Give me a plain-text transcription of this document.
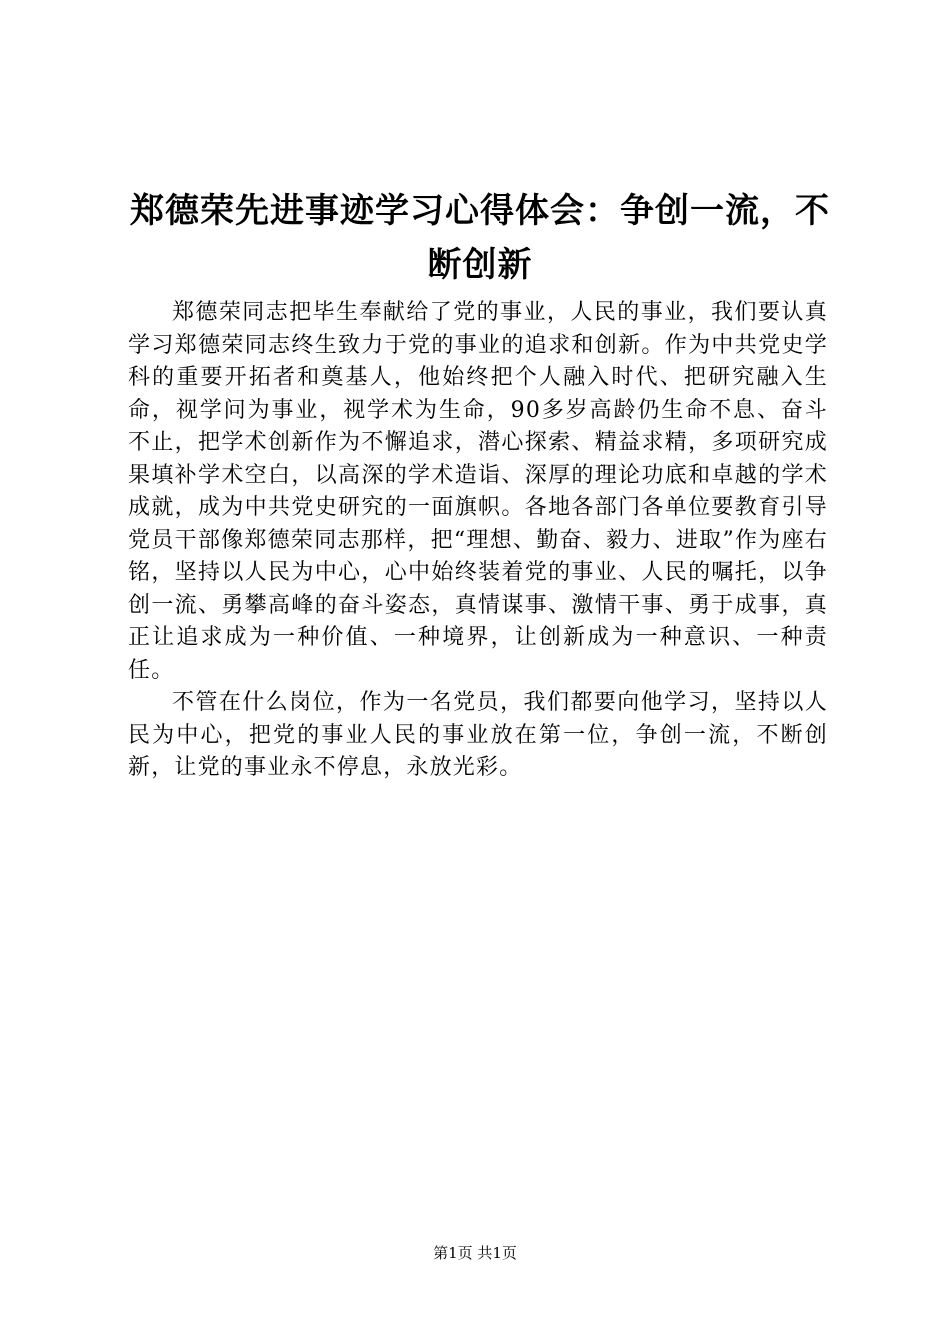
郑德荣先进事迹学习心得体会：争创一流，不断创新

郑德荣同志把毕生奉献给了党的事业，人民的事业，我们要认真学习郑德荣同志终生致力于党的事业的追求和创新。作为中共党史学科的重要开拓者和奠基人，他始终把个人融入时代、把研究融入生命，视学问为事业，视学术为生命，90多岁高龄仍生命不息、奋斗不止，把学术创新作为不懈追求，潜心探索、精益求精，多项研究成果填补学术空白，以高深的学术造诣、深厚的理论功底和卓越的学术成就，成为中共党史研究的一面旗帜。各地各部门各单位要教育引导党员干部像郑德荣同志那样，把“理想、勤奋、毅力、进取”作为座右铭，坚持以人民为中心，心中始终装着党的事业、人民的嘱托，以争创一流、勇攀高峰的奋斗姿态，真情谋事、激情干事、勇于成事，真正让追求成为一种价值、一种境界，让创新成为一种意识、一种责任。

不管在什么岗位，作为一名党员，我们都要向他学习，坚持以人民为中心，把党的事业人民的事业放在第一位，争创一流，不断创新，让党的事业永不停息，永放光彩。

第1页 共1页
